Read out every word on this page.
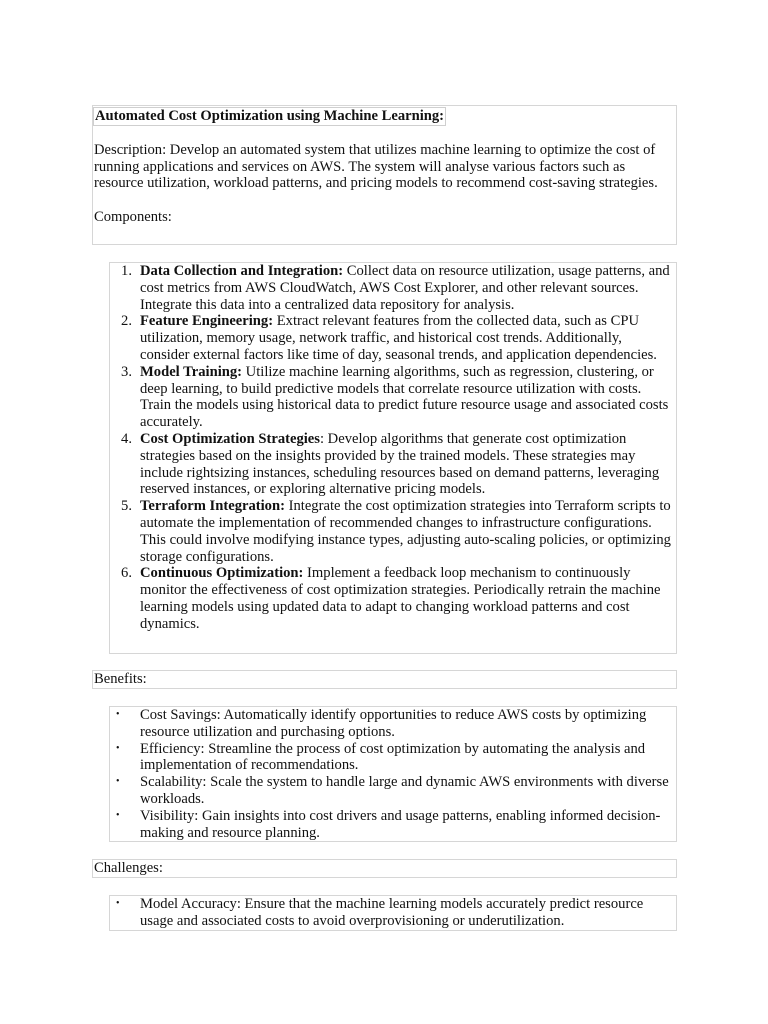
Automated Cost Optimization using Machine Learning:
Description: Develop an automated system that utilizes machine learning to optimize the cost of running applications and services on AWS. The system will analyse various factors such as resource utilization, workload patterns, and pricing models to recommend cost-saving strategies.
Components:
1. Data Collection and Integration: Collect data on resource utilization, usage patterns, and cost metrics from AWS CloudWatch, AWS Cost Explorer, and other relevant sources. Integrate this data into a centralized data repository for analysis.
2. Feature Engineering: Extract relevant features from the collected data, such as CPU utilization, memory usage, network traffic, and historical cost trends. Additionally, consider external factors like time of day, seasonal trends, and application dependencies.
3. Model Training: Utilize machine learning algorithms, such as regression, clustering, or deep learning, to build predictive models that correlate resource utilization with costs. Train the models using historical data to predict future resource usage and associated costs accurately.
4. Cost Optimization Strategies: Develop algorithms that generate cost optimization strategies based on the insights provided by the trained models. These strategies may include rightsizing instances, scheduling resources based on demand patterns, leveraging reserved instances, or exploring alternative pricing models.
5. Terraform Integration: Integrate the cost optimization strategies into Terraform scripts to automate the implementation of recommended changes to infrastructure configurations. This could involve modifying instance types, adjusting auto-scaling policies, or optimizing storage configurations.
6. Continuous Optimization: Implement a feedback loop mechanism to continuously monitor the effectiveness of cost optimization strategies. Periodically retrain the machine learning models using updated data to adapt to changing workload patterns and cost dynamics.
Benefits:
• Cost Savings: Automatically identify opportunities to reduce AWS costs by optimizing resource utilization and purchasing options.
• Efficiency: Streamline the process of cost optimization by automating the analysis and implementation of recommendations.
• Scalability: Scale the system to handle large and dynamic AWS environments with diverse workloads.
• Visibility: Gain insights into cost drivers and usage patterns, enabling informed decision-making and resource planning.
Challenges:
• Model Accuracy: Ensure that the machine learning models accurately predict resource usage and associated costs to avoid overprovisioning or underutilization.
